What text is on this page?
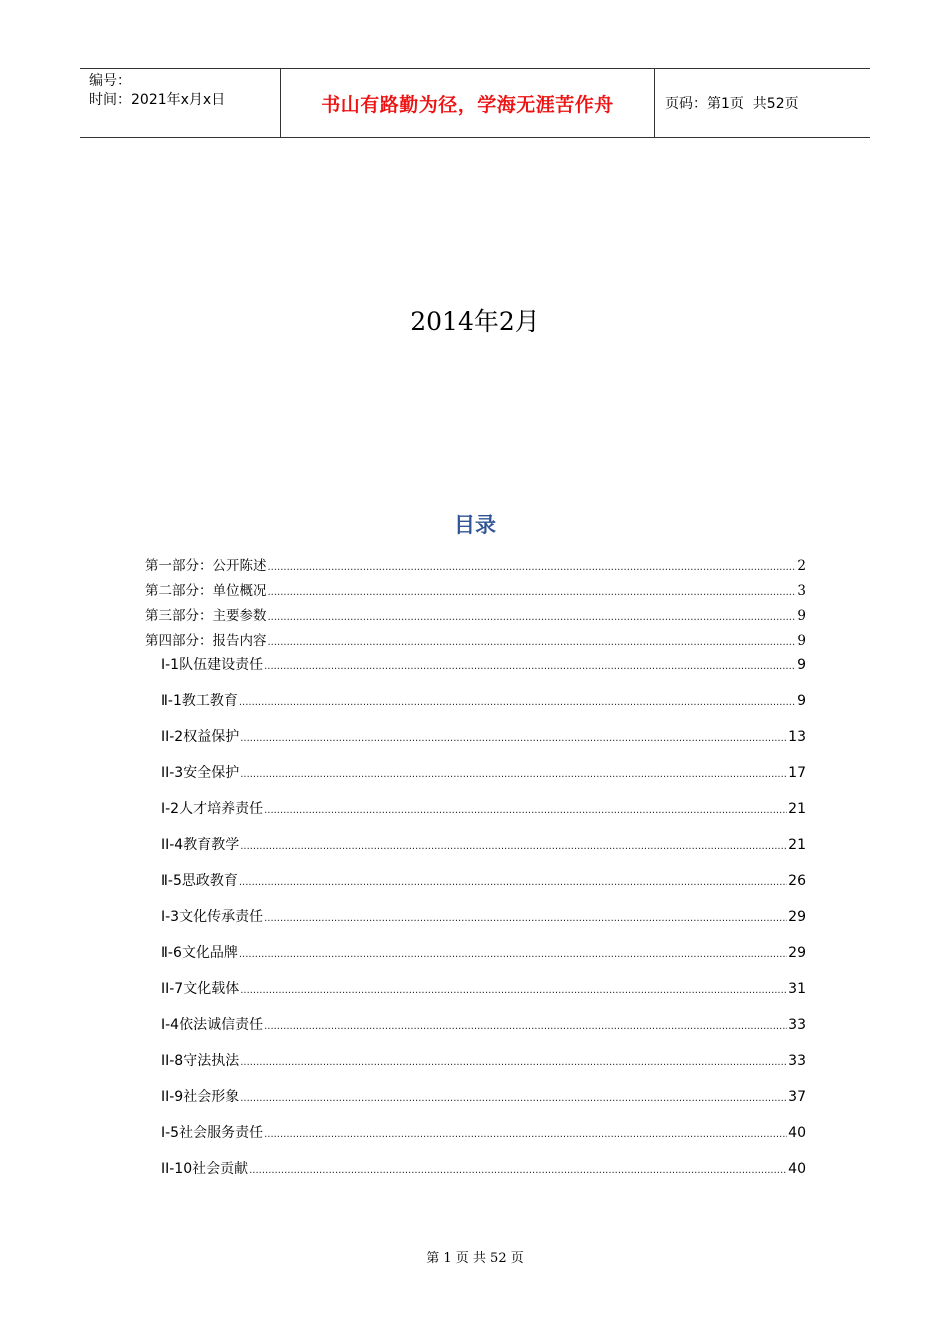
编号：
时间：2021年x月x日	书山有路勤为径，学海无涯苦作舟	页码：第1页  共52页
2014年2月
目录
第一部分：公开陈述 .....	2
第二部分：单位概况 .....	3
第三部分：主要参数 .....	9
第四部分：报告内容 .....	9
I-1队伍建设责任 .....	9
Ⅱ-1教工教育 .....	9
II-2权益保护 .....	13
II-3安全保护 .....	17
I-2人才培养责任 .....	21
II-4教育教学 .....	21
Ⅱ-5思政教育 .....	26
I-3文化传承责任 .....	29
Ⅱ-6文化品牌 .....	29
II-7文化载体 .....	31
I-4依法诚信责任 .....	33
II-8守法执法 .....	33
II-9社会形象 .....	37
I-5社会服务责任 .....	40
II-10社会贡献 .....	40
第 1 页 共 52 页
